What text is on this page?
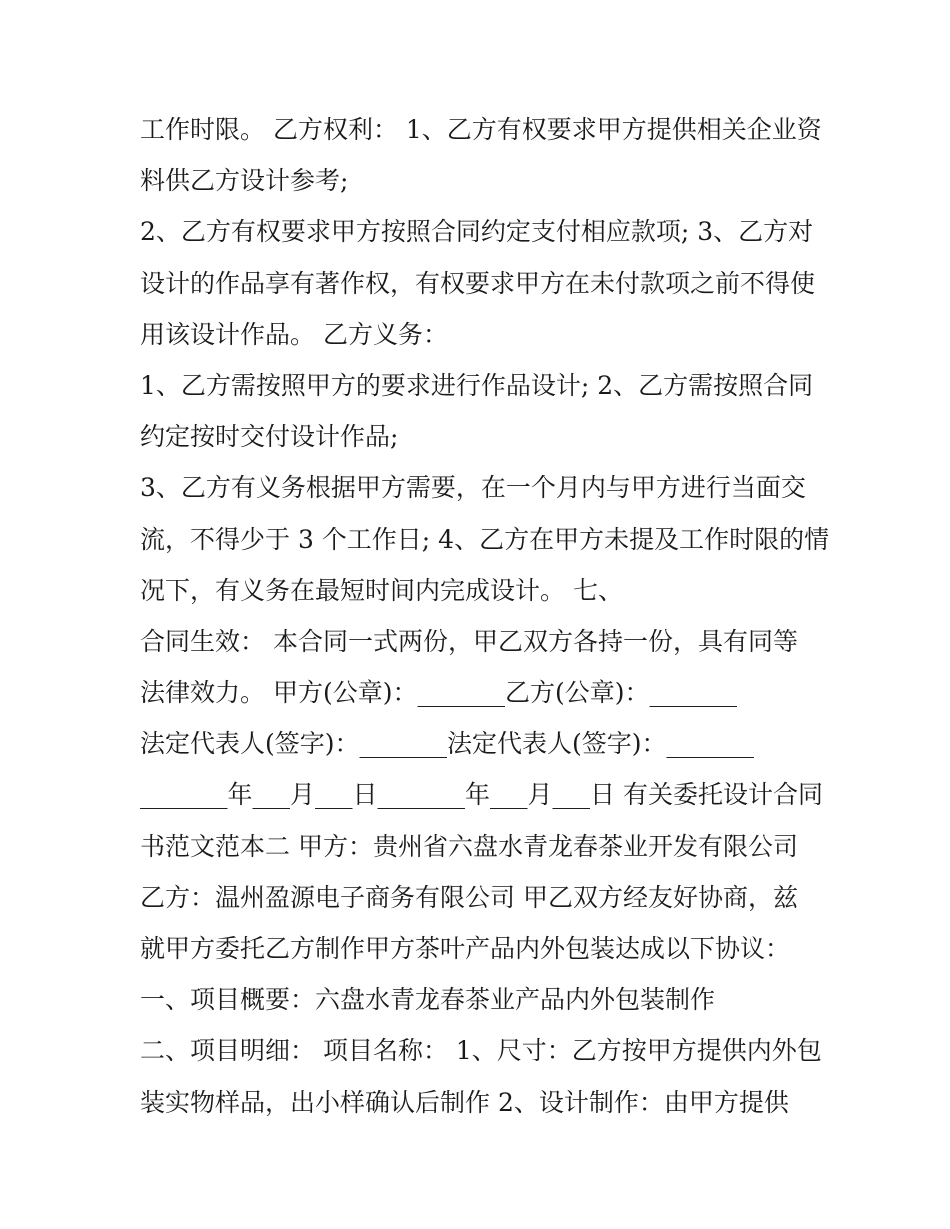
工作时限。 乙方权利： 1、乙方有权要求甲方提供相关企业资
料供乙方设计参考;
2、乙方有权要求甲方按照合同约定支付相应款项; 3、乙方对
设计的作品享有著作权，有权要求甲方在未付款项之前不得使
用该设计作品。 乙方义务：
1、乙方需按照甲方的要求进行作品设计; 2、乙方需按照合同
约定按时交付设计作品;
3、乙方有义务根据甲方需要，在一个月内与甲方进行当面交
流，不得少于 3 个工作日; 4、乙方在甲方未提及工作时限的情
况下，有义务在最短时间内完成设计。 七、
合同生效： 本合同一式两份，甲乙双方各持一份，具有同等
法律效力。 甲方(公章)：_______乙方(公章)：_______
法定代表人(签字)：_______法定代表人(签字)：_______
_______年___月___日_______年___月___日 有关委托设计合同
书范文范本二 甲方：贵州省六盘水青龙春茶业开发有限公司
乙方：温州盈源电子商务有限公司 甲乙双方经友好协商，兹
就甲方委托乙方制作甲方茶叶产品内外包装达成以下协议：
一、项目概要：六盘水青龙春茶业产品内外包装制作
二、项目明细： 项目名称： 1、尺寸：乙方按甲方提供内外包
装实物样品，出小样确认后制作 2、设计制作：由甲方提供
